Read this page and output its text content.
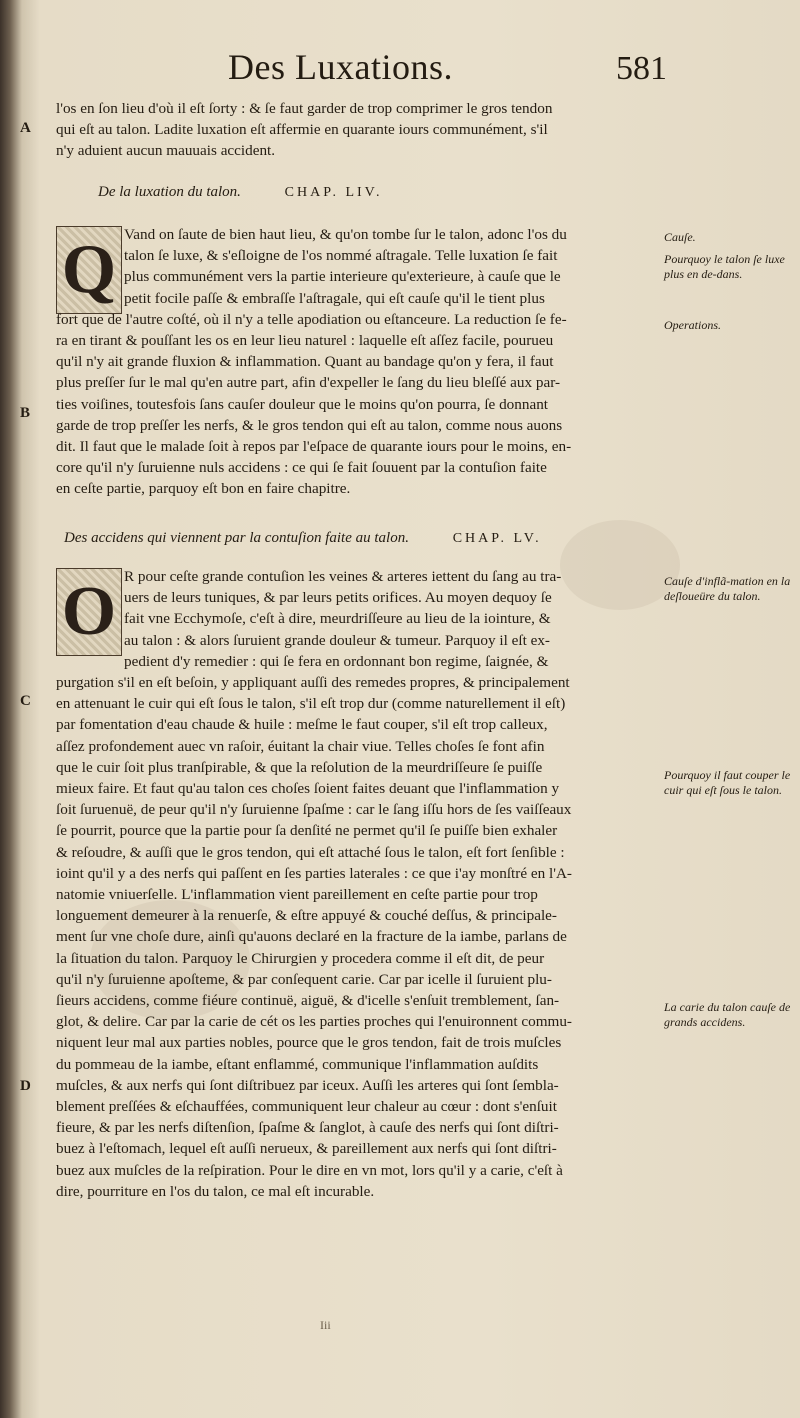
Des Luxations.	581
A
B
C
D
l'os en ſon lieu d'où il eſt ſorty : & ſe faut garder de trop comprimer le gros tendon
qui eſt au talon. Ladite luxation eſt affermie en quarante iours communément, s'il
n'y aduient aucun mauuais accident.
De la luxation du talon.	CHAP. LIV.
Q Vand on ſaute de bien haut lieu, & qu'on tombe ſur le talon, adonc l'os du
talon ſe luxe, & s'eſloigne de l'os nommé aſtragale. Telle luxation ſe fait
plus communément vers la partie interieure qu'exterieure, à cauſe que le
petit focile paſſe & embraſſe l'aſtragale, qui eſt cauſe qu'il le tient plus
fort que de l'autre coſté, où il n'y a telle apodiation ou eſtanceure. La reduction ſe fe-
ra en tirant & pouſſant les os en leur lieu naturel : laquelle eſt aſſez facile, pourueu
qu'il n'y ait grande fluxion & inflammation. Quant au bandage qu'on y fera, il faut
plus preſſer ſur le mal qu'en autre part, afin d'expeller le ſang du lieu bleſſé aux par-
ties voiſines, toutesfois ſans cauſer douleur que le moins qu'on pourra, ſe donnant
garde de trop preſſer les nerfs, & le gros tendon qui eſt au talon, comme nous auons
dit. Il faut que le malade ſoit à repos par l'eſpace de quarante iours pour le moins, en-
core qu'il n'y ſuruienne nuls accidens : ce qui ſe fait ſouuent par la contuſion faite
en ceſte partie, parquoy eſt bon en faire chapitre.
Cauſe.
Pourquoy le talon ſe luxe plus en de-dans.
Operations.
Des accidens qui viennent par la contuſion faite au talon.	CHAP. LV.
O R pour ceſte grande contuſion les veines & arteres iettent du ſang au tra-
uers de leurs tuniques, & par leurs petits orifices. Au moyen dequoy ſe
fait vne Ecchymoſe, c'eſt à dire, meurdriſſeure au lieu de la iointure, &
au talon : & alors ſuruient grande douleur & tumeur. Parquoy il eſt ex-
pedient d'y remedier : qui ſe fera en ordonnant bon regime, ſaignée, &
purgation s'il en eſt beſoin, y appliquant auſſi des remedes propres, & principalement
en attenuant le cuir qui eſt ſous le talon, s'il eſt trop dur (comme naturellement il eſt)
par fomentation d'eau chaude & huile : meſme le faut couper, s'il eſt trop calleux,
aſſez profondement auec vn raſoir, éuitant la chair viue. Telles choſes ſe font afin
que le cuir ſoit plus tranſpirable, & que la reſolution de la meurdriſſeure ſe puiſſe
mieux faire. Et faut qu'au talon ces choſes ſoient faites deuant que l'inflammation y
ſoit ſuruenuë, de peur qu'il n'y ſuruienne ſpaſme : car le ſang iſſu hors de ſes vaiſſeaux
ſe pourrit, pource que la partie pour ſa denſité ne permet qu'il ſe puiſſe bien exhaler
& reſoudre, & auſſi que le gros tendon, qui eſt attaché ſous le talon, eſt fort ſenſible :
ioint qu'il y a des nerfs qui paſſent en ſes parties laterales : ce que i'ay monſtré en l'A-
natomie vniuerſelle. L'inflammation vient pareillement en ceſte partie pour trop
longuement demeurer à la renuerſe, & eſtre appuyé & couché deſſus, & principale-
ment ſur vne choſe dure, ainſi qu'auons declaré en la fracture de la iambe, parlans de
la ſituation du talon. Parquoy le Chirurgien y procedera comme il eſt dit, de peur
qu'il n'y ſuruienne apoſteme, & par conſequent carie. Car par icelle il ſuruient plu-
ſieurs accidens, comme fiéure continuë, aiguë, & d'icelle s'enſuit tremblement, ſan-
glot, & delire. Car par la carie de cét os les parties proches qui l'enuironnent commu-
niquent leur mal aux parties nobles, pource que le gros tendon, fait de trois muſcles
du pommeau de la iambe, eſtant enflammé, communique l'inflammation auſdits
muſcles, & aux nerfs qui ſont diſtribuez par iceux. Auſſi les arteres qui ſont ſembla-
blement preſſées & eſchauffées, communiquent leur chaleur au cœur : dont s'enſuit
fieure, & par les nerfs diſtenſion, ſpaſme & ſanglot, à cauſe des nerfs qui ſont diſtri-
buez à l'eſtomach, lequel eſt auſſi nerueux, & pareillement aux nerfs qui ſont diſtri-
buez aux muſcles de la reſpiration. Pour le dire en vn mot, lors qu'il y a carie, c'eſt à
dire, pourriture en l'os du talon, ce mal eſt incurable.
Cauſe d'inflã-mation en la deſloueüre du talon.
Pourquoy il faut couper le cuir qui eſt ſous le talon.
La carie du talon cauſe de grands accidens.
Iii
